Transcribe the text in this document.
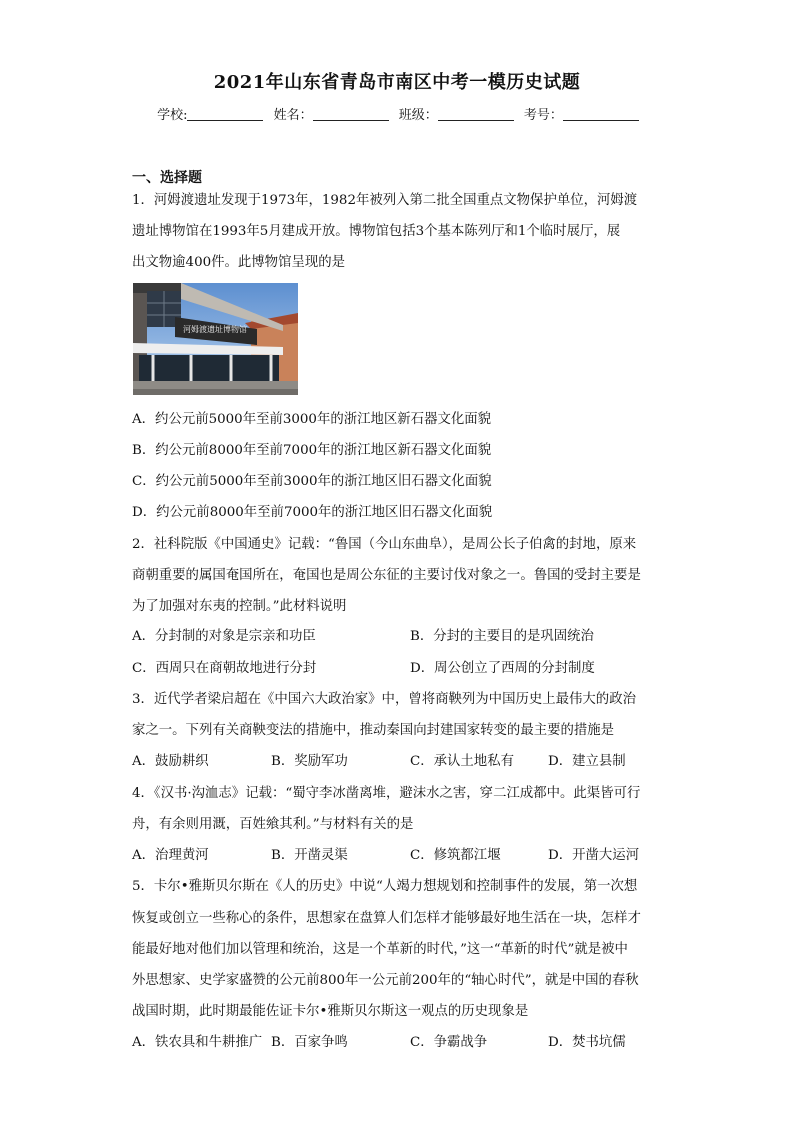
2021年山东省青岛市南区中考一模历史试题
学校:	姓名：	班级：	考号：
一、选择题
1．河姆渡遗址发现于1973年，1982年被列入第二批全国重点文物保护单位，河姆渡
遗址博物馆在1993年5月建成开放。博物馆包括3个基本陈列厅和1个临时展厅，展
出文物逾400件。此博物馆呈现的是
河姆渡遗址博物馆
A．约公元前5000年至前3000年的浙江地区新石器文化面貌
B．约公元前8000年至前7000年的浙江地区新石器文化面貌
C．约公元前5000年至前3000年的浙江地区旧石器文化面貌
D．约公元前8000年至前7000年的浙江地区旧石器文化面貌
2．社科院版《中国通史》记载：“鲁国（今山东曲阜），是周公长子伯禽的封地，原来
商朝重要的属国奄国所在，奄国也是周公东征的主要讨伐对象之一。鲁国的受封主要是
为了加强对东夷的控制。”此材料说明
A．分封制的对象是宗亲和功臣	B．分封的主要目的是巩固统治
C．西周只在商朝故地进行分封	D．周公创立了西周的分封制度
3．近代学者梁启超在《中国六大政治家》中，曾将商鞅列为中国历史上最伟大的政治
家之一。下列有关商鞅变法的措施中，推动秦国向封建国家转变的最主要的措施是
A．鼓励耕织	B．奖励军功	C．承认土地私有	D．建立县制
4．《汉书·沟洫志》记载：“蜀守李冰凿离堆，避沫水之害，穿二江成都中。此渠皆可行
舟，有余则用溉，百姓飨其利。”与材料有关的是
A．治理黄河	B．开凿灵渠	C．修筑都江堰	D．开凿大运河
5．卡尔•雅斯贝尔斯在《人的历史》中说“人竭力想规划和控制事件的发展，第一次想
恢复或创立一些称心的条件，思想家在盘算人们怎样才能够最好地生活在一块，怎样才
能最好地对他们加以管理和统治，这是一个革新的时代，”这一“革新的时代”就是被中
外思想家、史学家盛赞的公元前800年一公元前200年的“轴心时代”，就是中国的春秋
战国时期，此时期最能佐证卡尔•雅斯贝尔斯这一观点的历史现象是
A．铁农具和牛耕推广 B．百家争鸣	C．争霸战争	D．焚书坑儒
